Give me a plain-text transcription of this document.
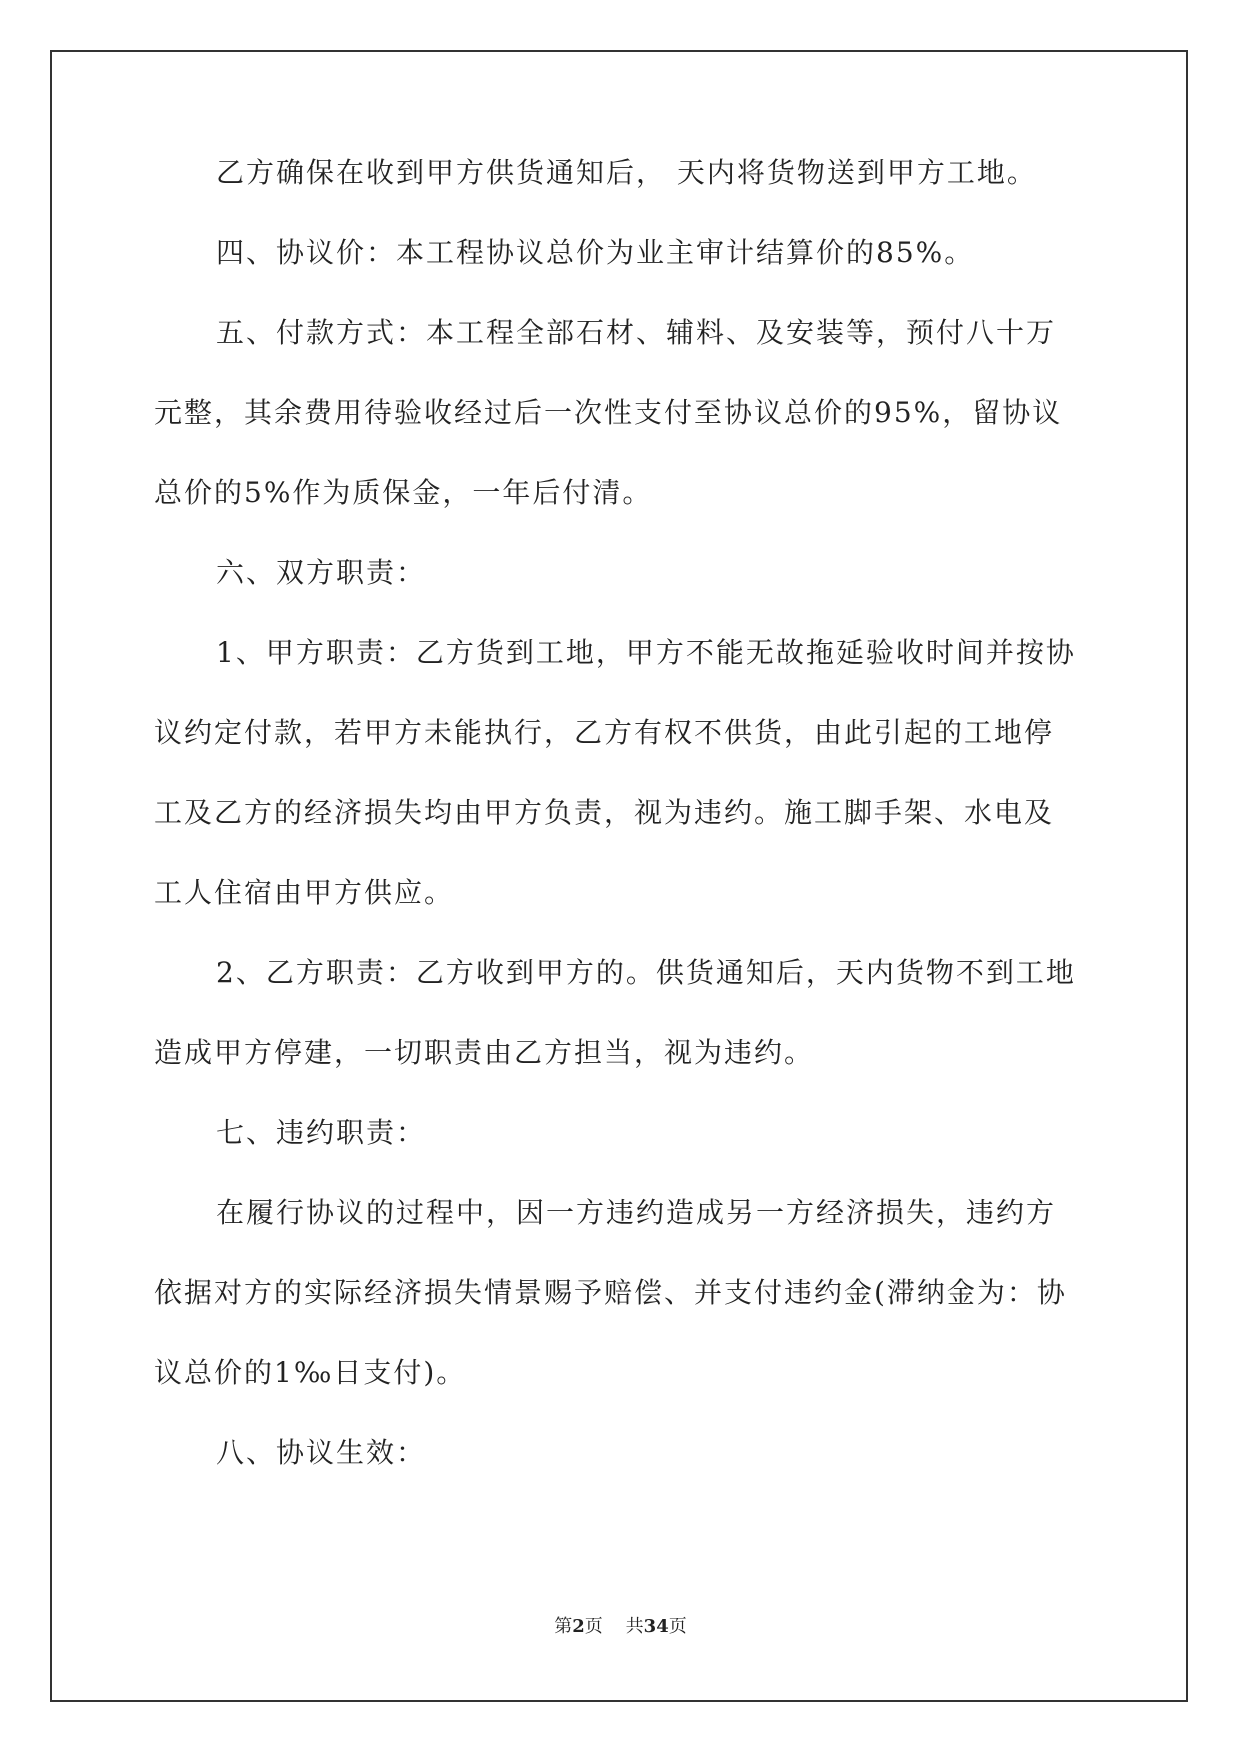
乙方确保在收到甲方供货通知后， 天内将货物送到甲方工地。

四、协议价：本工程协议总价为业主审计结算价的85%。

五、付款方式：本工程全部石材、辅料、及安装等，预付八十万

元整，其余费用待验收经过后一次性支付至协议总价的95%，留协议

总价的5%作为质保金，一年后付清。

六、双方职责：

1、甲方职责：乙方货到工地，甲方不能无故拖延验收时间并按协

议约定付款，若甲方未能执行，乙方有权不供货，由此引起的工地停

工及乙方的经济损失均由甲方负责，视为违约。施工脚手架、水电及

工人住宿由甲方供应。

2、乙方职责：乙方收到甲方的。供货通知后，天内货物不到工地

造成甲方停建，一切职责由乙方担当，视为违约。

七、违约职责：

在履行协议的过程中，因一方违约造成另一方经济损失，违约方

依据对方的实际经济损失情景赐予赔偿、并支付违约金(滞纳金为：协

议总价的1‰日支付)。

八、协议生效：

第2页 共34页
